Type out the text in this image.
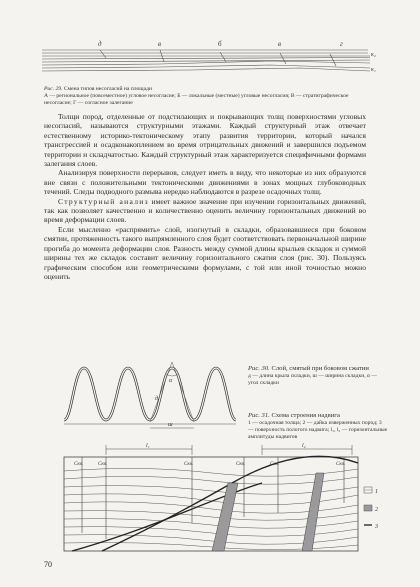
д	в	б	в	г
к₂
к₁
Рис. 29. Смена типов несогласий на площади
А — региональное (повсеместное) угловое несогласие; Б — локальные (местные) угловые несогласия; В — стратиграфическое несогласие; Г — согласное залегание

Толщи пород, отделенные от подстилающих и покрывающих толщ поверхностями угловых несогласий, называются структурными этажами. Каждый структурный этаж отвечает естественному историко-тектоническому этапу развития территории, который начался трансгрессией и осадконакоплением во время отрицательных движений и завершился подъемом территории и складчатостью. Каждый структурный этаж характеризуется специфичными формами залегания слоев.

Анализируя поверхности перерывов, следует иметь в виду, что некоторые из них образуются вне связи с положительными тектоническими движениями в зонах мощных глубоководных течений. Следы подводного размыва нередко наблюдаются в разрезе осадочных толщ.

Структурный анализ имеет важное значение при изучении горизонтальных движений, так как позволяет качественно и количественно оценить величину горизонтальных движений во время деформации слоев.

Если мысленно «распрямить» слой, изогнутый в складки, образовавшиеся при боковом смятии, протяженность такого выпрямленного слоя будет соответствовать первоначальной ширине прогиба до момента деформации слоя. Разность между суммой длины крыльев складок и суммой ширины тех же складок составит величину горизонтального сжатия слоя (рис. 30). Пользуясь графическим способом или геометрическими формулами, с той или иной точностью можно оценить

α
д
ш
Рис. 30. Слой, смятый при боковом сжатии
д — длина крыла складки, ш — ширина складки, α — угол складки
Рис. 31. Схема строения надвига
1 — осадочная толща; 2 — дайка изверженных пород; 3 — поверхность пологого надвига; l₁, l₂ — горизонтальные амплитуды надвигов
l₁	l₂
Скв.	Скв.	Скв.	Скв.	Скв.	Скв.
1
2
3
70
